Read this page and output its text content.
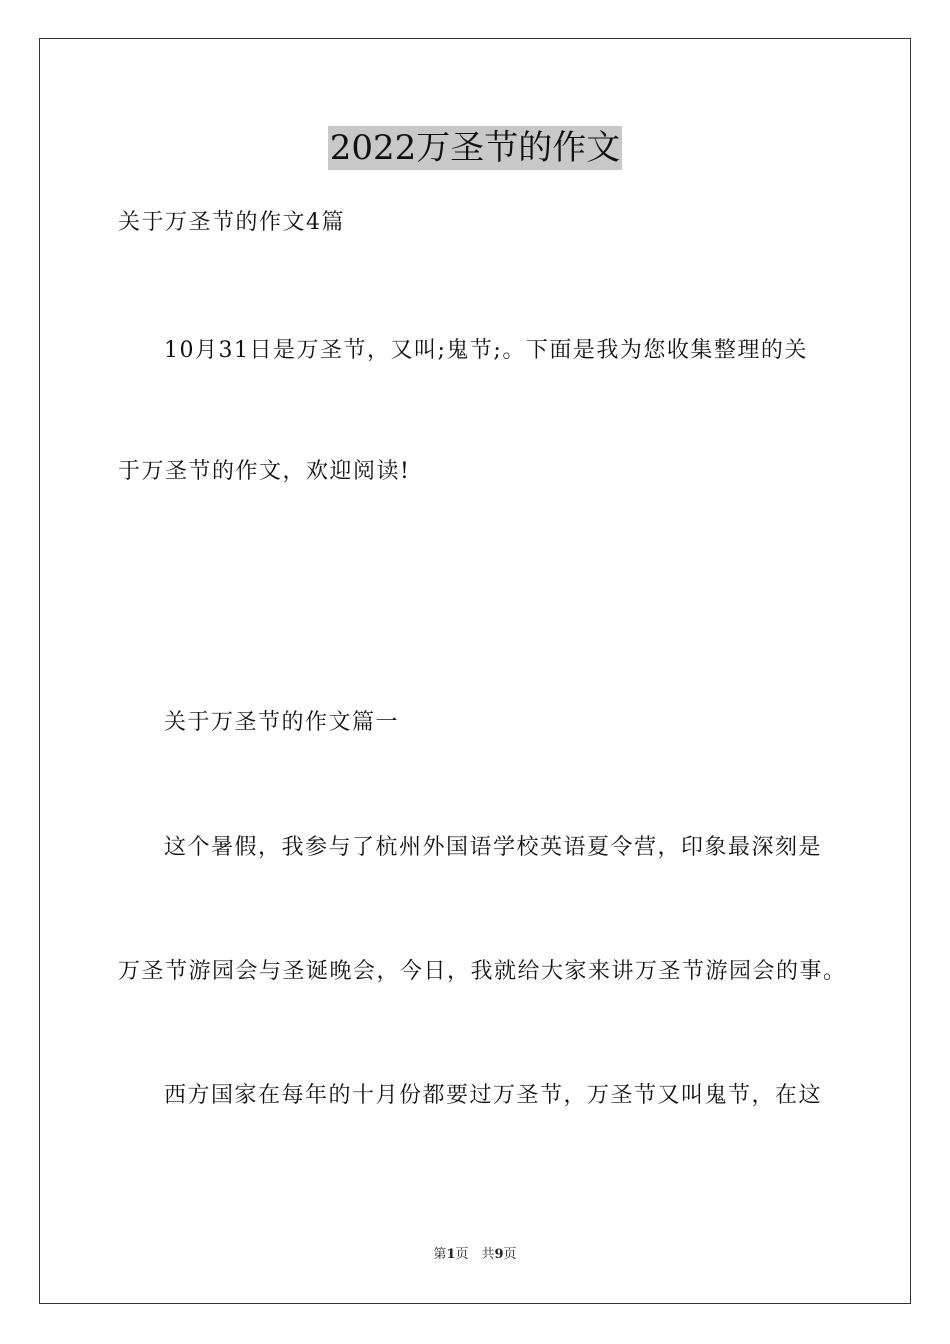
2022万圣节的作文
关于万圣节的作文4篇
10月31日是万圣节，又叫;鬼节;。下面是我为您收集整理的关
于万圣节的作文，欢迎阅读!
关于万圣节的作文篇一
这个暑假，我参与了杭州外国语学校英语夏令营，印象最深刻是
万圣节游园会与圣诞晚会，今日，我就给大家来讲万圣节游园会的事。
西方国家在每年的十月份都要过万圣节，万圣节又叫鬼节，在这
第1页　共9页
